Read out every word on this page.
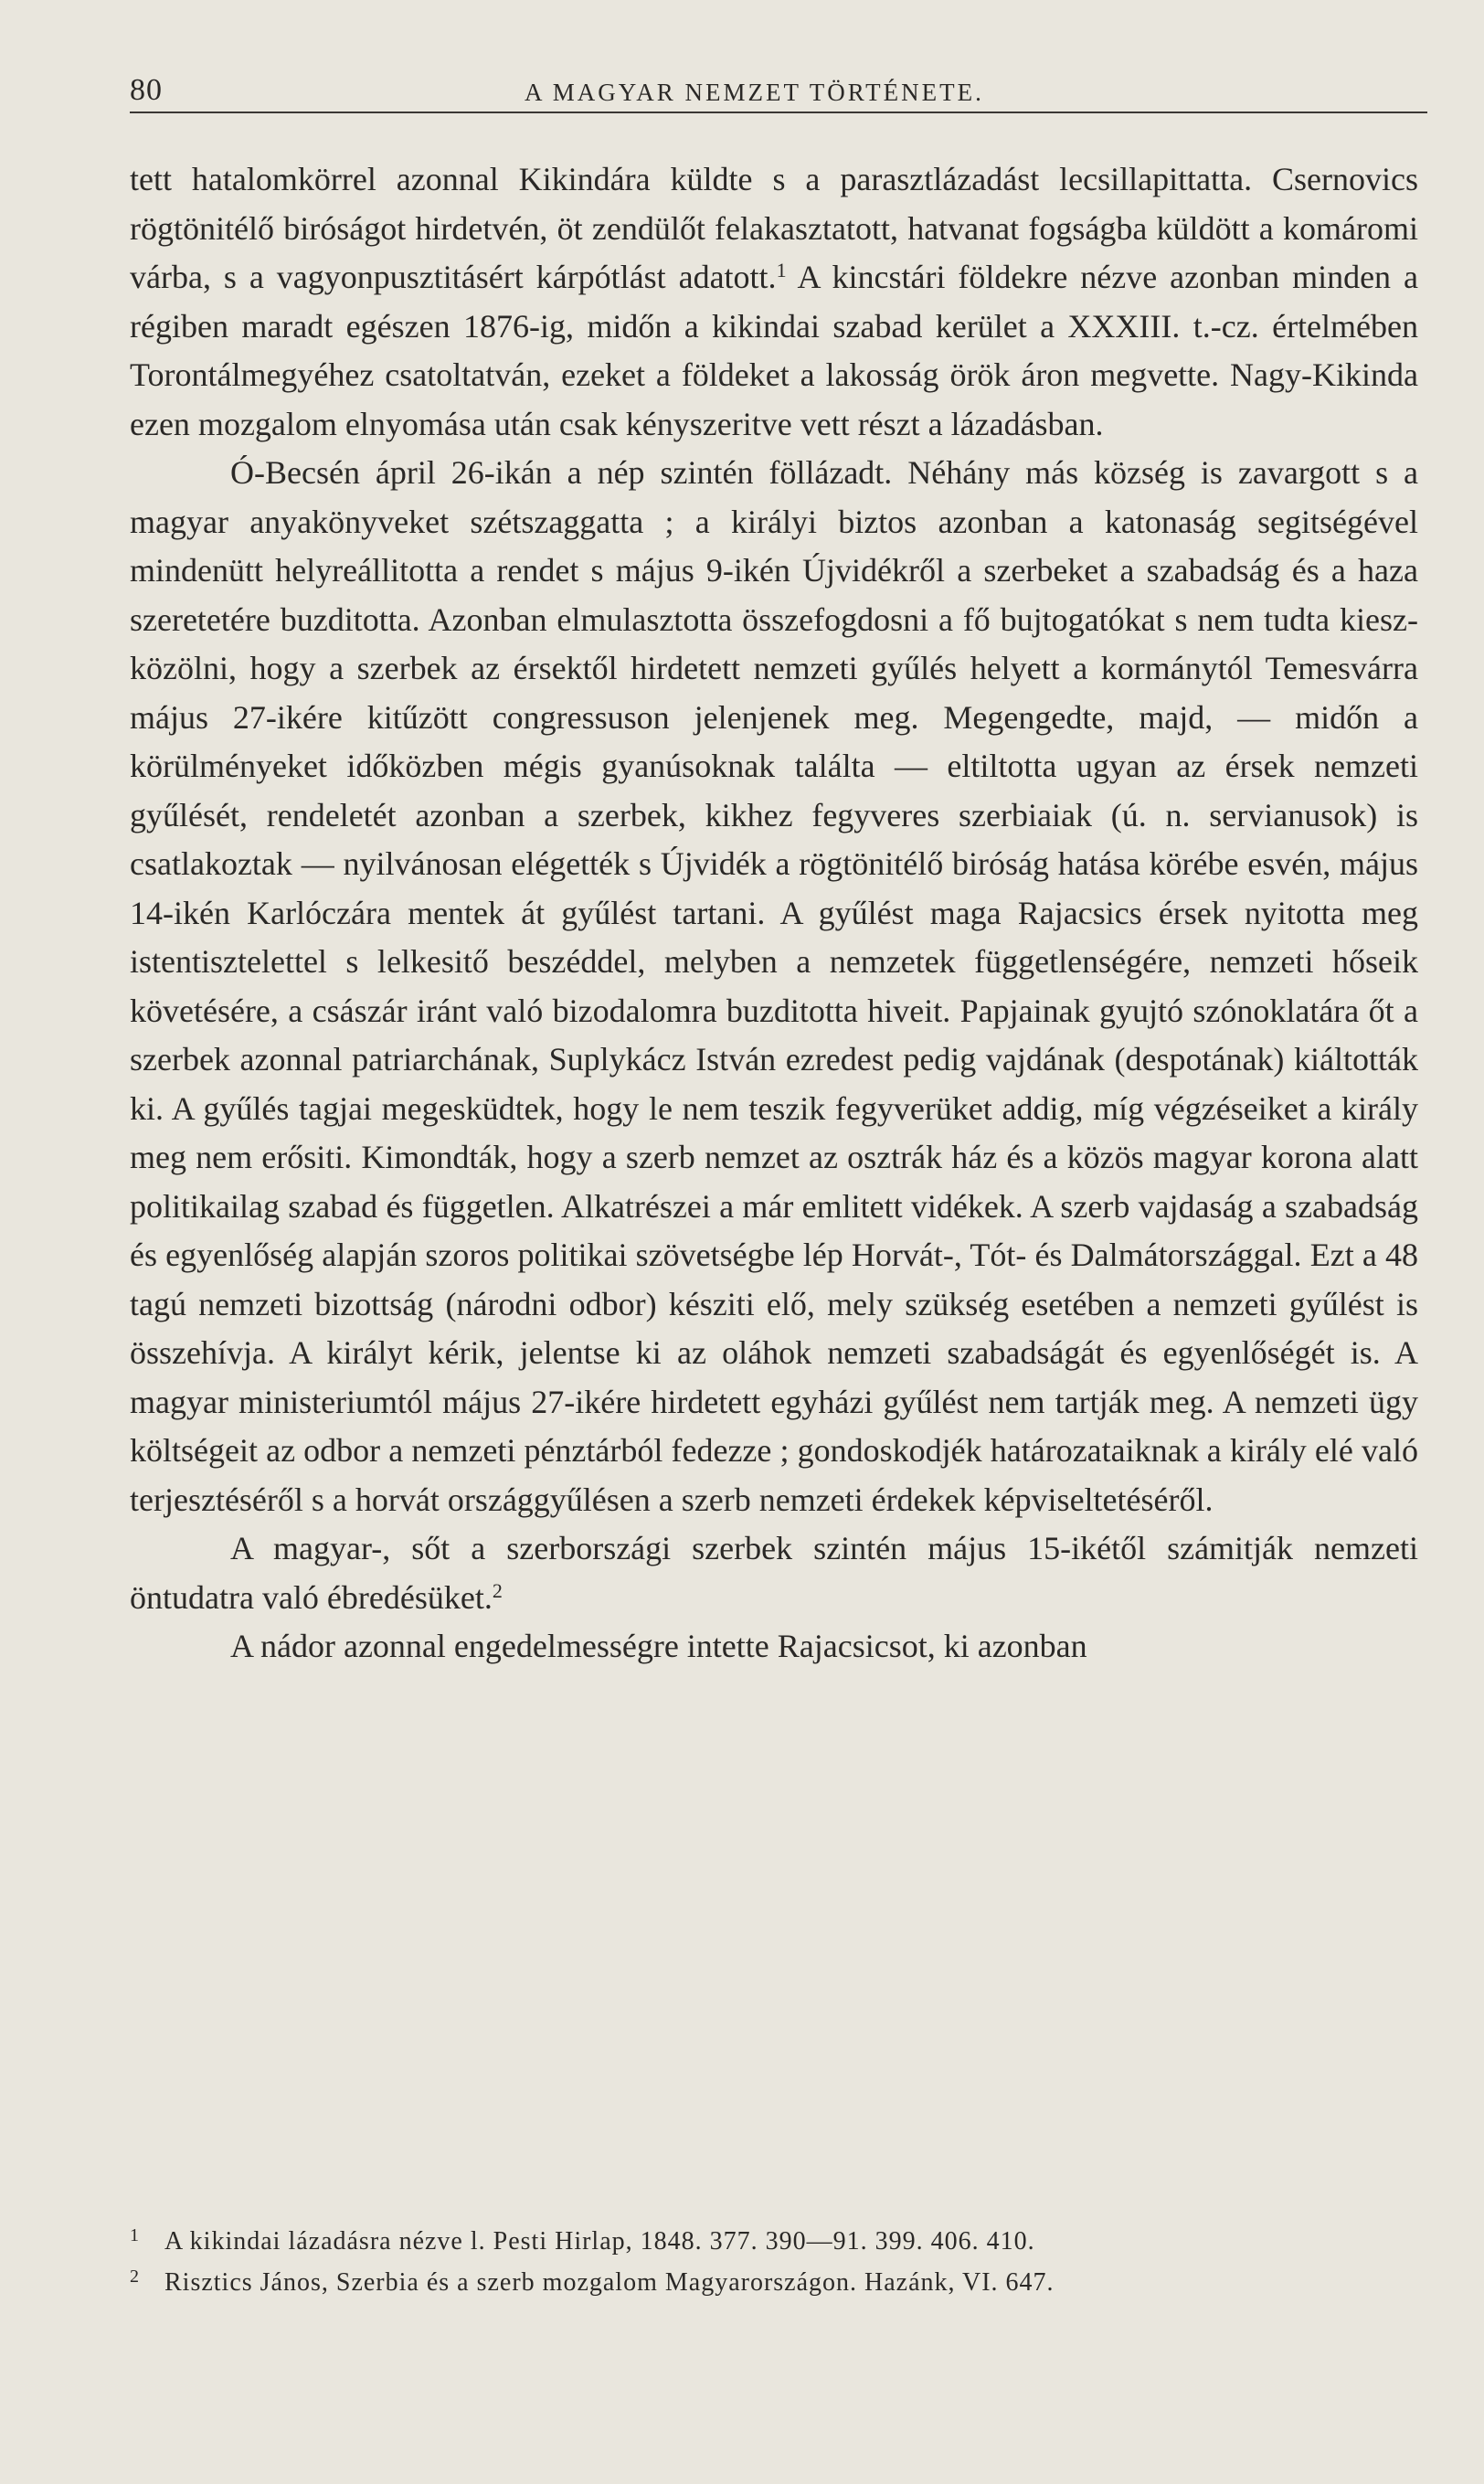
80	A MAGYAR NEMZET TÖRTÉNETE.

tett hatalomkörrel azonnal Kikindára küldte s a parasztlázadást lecsillapittatta. Csernovics rögtönitélő biróságot hirdetvén, öt zendülőt felakasztatott, hatvanat fogságba küldött a komáromi várba, s a vagyonpusztitásért kárpótlást adatott.$^1$ A kincstári földekre nézve azonban minden a régiben maradt egészen 1876-ig, midőn a kikindai szabad kerület a XXXIII. t.-cz. értelmében Torontálmegyéhez csatoltatván, ezeket a földeket a lakosság örök áron megvette. Nagy-Kikinda ezen mozgalom elnyomása után csak kényszeritve vett részt a lázadásban.

Ó-Becsén ápril 26-ikán a nép szintén föllázadt. Néhány más község is zavargott s a magyar anyakönyveket szétszaggatta ; a királyi biztos azonban a katonaság segitségével mindenütt helyreállitotta a rendet s május 9-ikén Újvidékről a szerbeket a szabadság és a haza szeretetére buzditotta. Azonban elmulasztotta összefogdosni a fő bujtogatókat s nem tudta kieszközölni, hogy a szerbek az érsektől hirdetett nemzeti gyűlés helyett a kormánytól Temesvárra május 27-ikére kitűzött congressuson jelenjenek meg. Megengedte, majd, — midőn a körülményeket időközben mégis gyanúsoknak találta — eltiltotta ugyan az érsek nemzeti gyűlését, rendeletét azonban a szerbek, kikhez fegyveres szerbiaiak (ú. n. servianusok) is csatlakoztak — nyilvánosan elégették s Újvidék a rögtönitélő biróság hatása körébe esvén, május 14-ikén Karlóczára mentek át gyűlést tartani. A gyűlést maga Rajacsics érsek nyitotta meg istentisztelettel s lelkesitő beszéddel, melyben a nemzetek függetlenségére, nemzeti hőseik követésére, a császár iránt való bizodalomra buzditotta hiveit. Papjainak gyujtó szónoklatára őt a szerbek azonnal patriarchának, Suplykácz István ezredest pedig vajdának (despotának) kiáltották ki. A gyűlés tagjai megesküdtek, hogy le nem teszik fegyverüket addig, míg végzéseiket a király meg nem erősiti. Kimondták, hogy a szerb nemzet az osztrák ház és a közös magyar korona alatt politikailag szabad és független. Alkatrészei a már emlitett vidékek. A szerb vajdaság a szabadság és egyenlőség alapján szoros politikai szövetségbe lép Horvát-, Tót- és Dalmátországgal. Ezt a 48 tagú nemzeti bizottság (národni odbor) késziti elő, mely szükség esetében a nemzeti gyűlést is összehívja. A királyt kérik, jelentse ki az oláhok nemzeti szabadságát és egyenlőségét is. A magyar ministeriumtól május 27-ikére hirdetett egyházi gyűlést nem tartják meg. A nemzeti ügy költségeit az odbor a nemzeti pénztárból fedezze ; gondoskodjék határozataiknak a király elé való terjesztéséről s a horvát országgyűlésen a szerb nemzeti érdekek képviseltetéséről.

A magyar-, sőt a szerbországi szerbek szintén május 15-ikétől számitják nemzeti öntudatra való ébredésüket.$^2$

A nádor azonnal engedelmességre intette Rajacsicsot, ki azonban

1 A kikindai lázadásra nézve l. Pesti Hirlap, 1848. 377. 390—91. 399. 406. 410.
2 Risztics János, Szerbia és a szerb mozgalom Magyarországon. Hazánk, VI. 647.
